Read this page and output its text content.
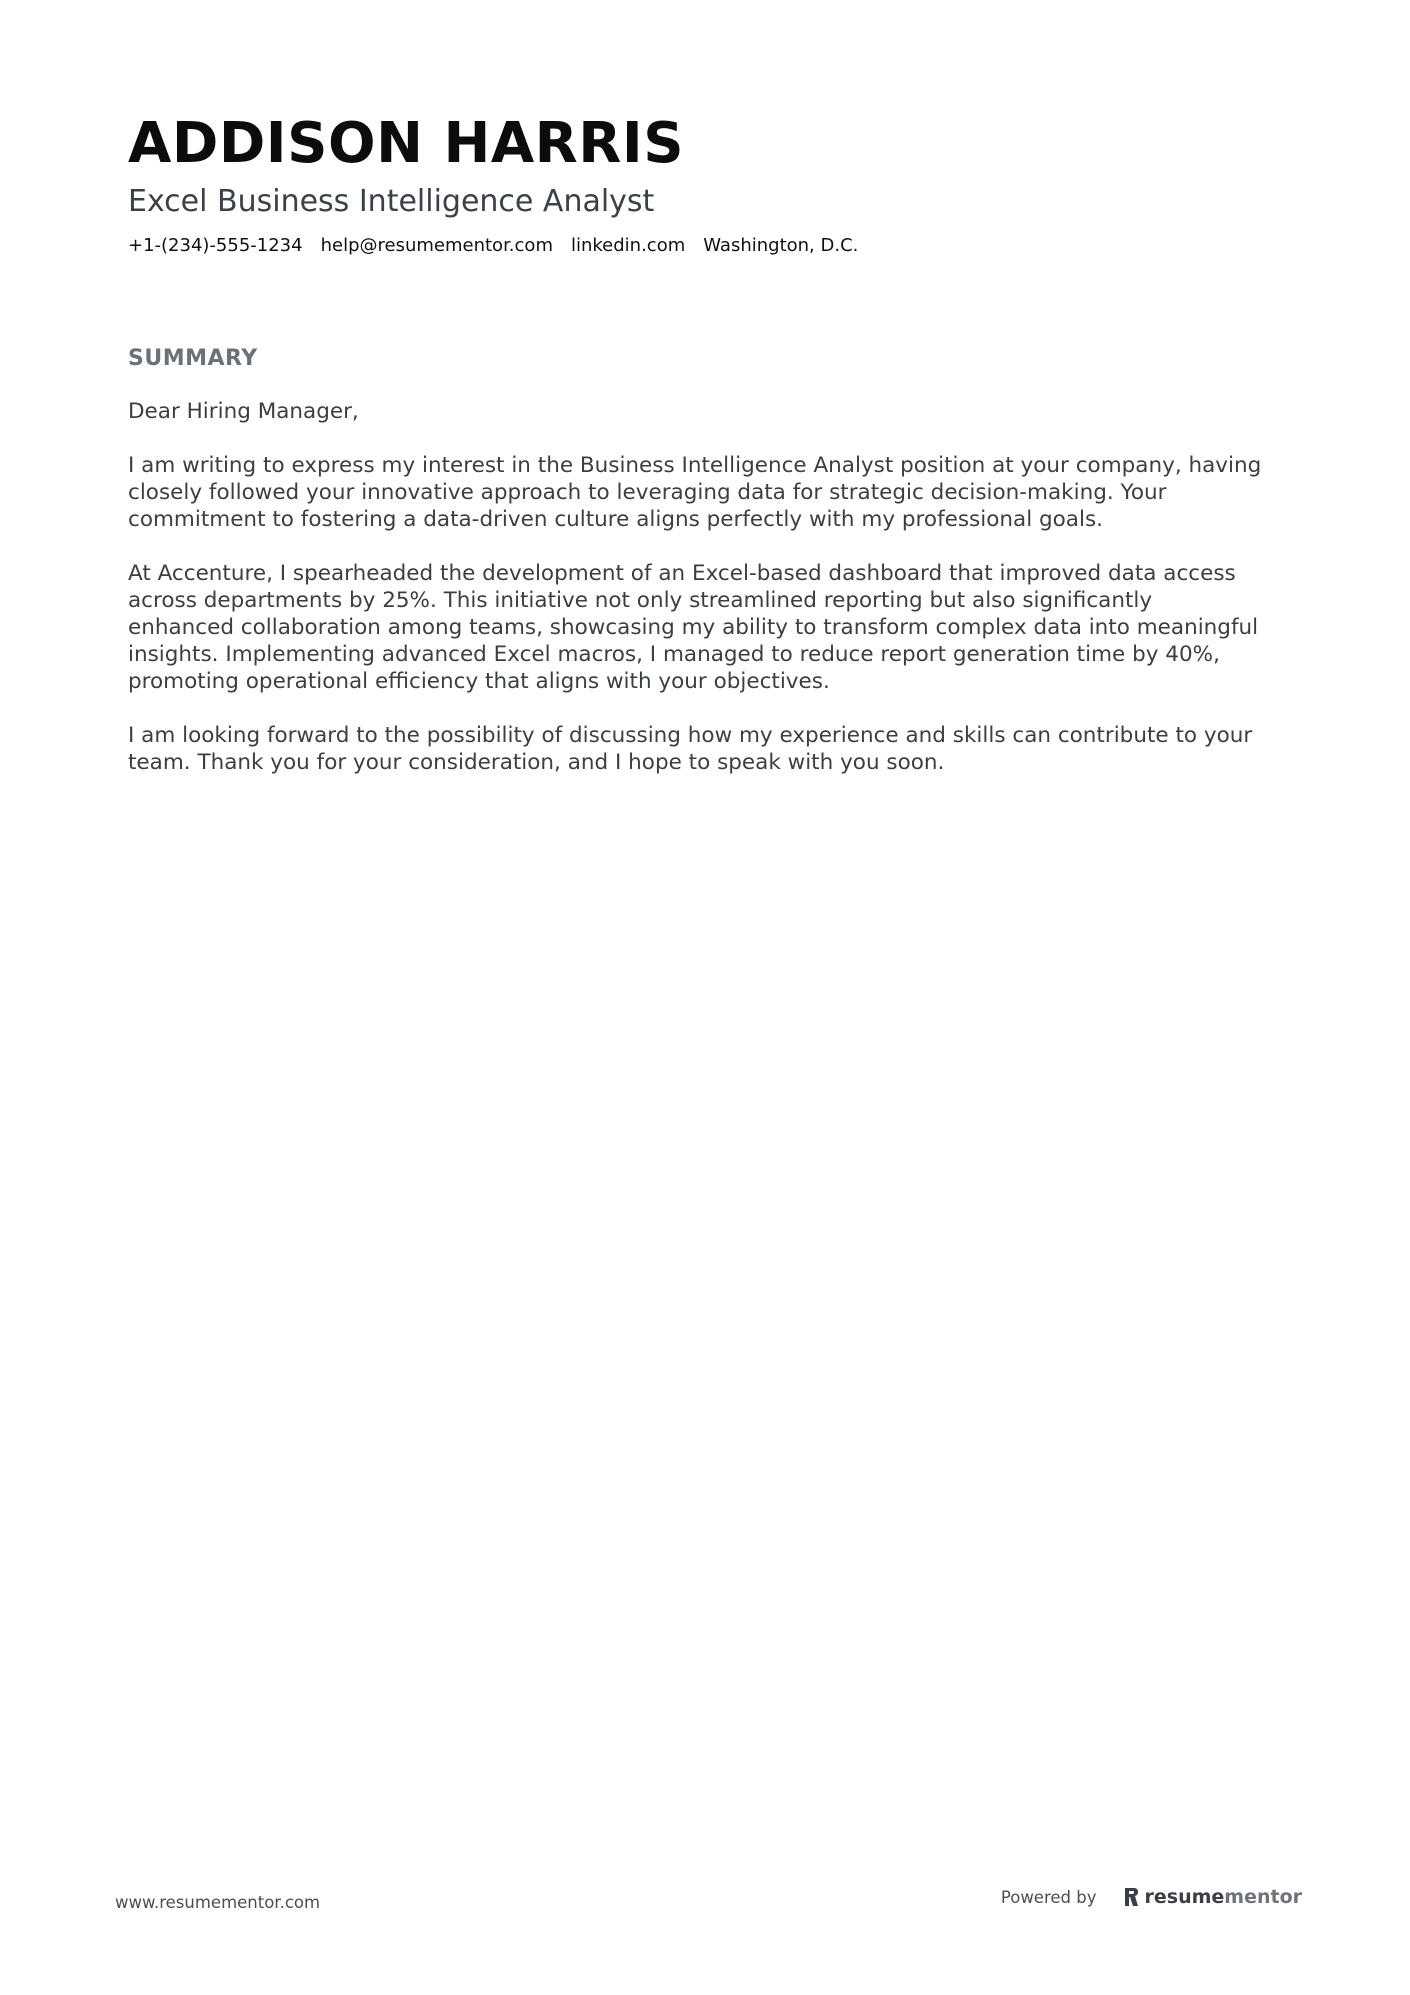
ADDISON HARRIS
Excel Business Intelligence Analyst
+1-(234)-555-1234 help@resumementor.com linkedin.com Washington, D.C.
SUMMARY

Dear Hiring Manager,

I am writing to express my interest in the Business Intelligence Analyst position at your company, having closely followed your innovative approach to leveraging data for strategic decision-making. Your commitment to fostering a data-driven culture aligns perfectly with my professional goals.

At Accenture, I spearheaded the development of an Excel-based dashboard that improved data access across departments by 25%. This initiative not only streamlined reporting but also significantly enhanced collaboration among teams, showcasing my ability to transform complex data into meaningful insights. Implementing advanced Excel macros, I managed to reduce report generation time by 40%, promoting operational efficiency that aligns with your objectives.

I am looking forward to the possibility of discussing how my experience and skills can contribute to your team. Thank you for your consideration, and I hope to speak with you soon.

www.resumementor.com	Powered by	resumementor
